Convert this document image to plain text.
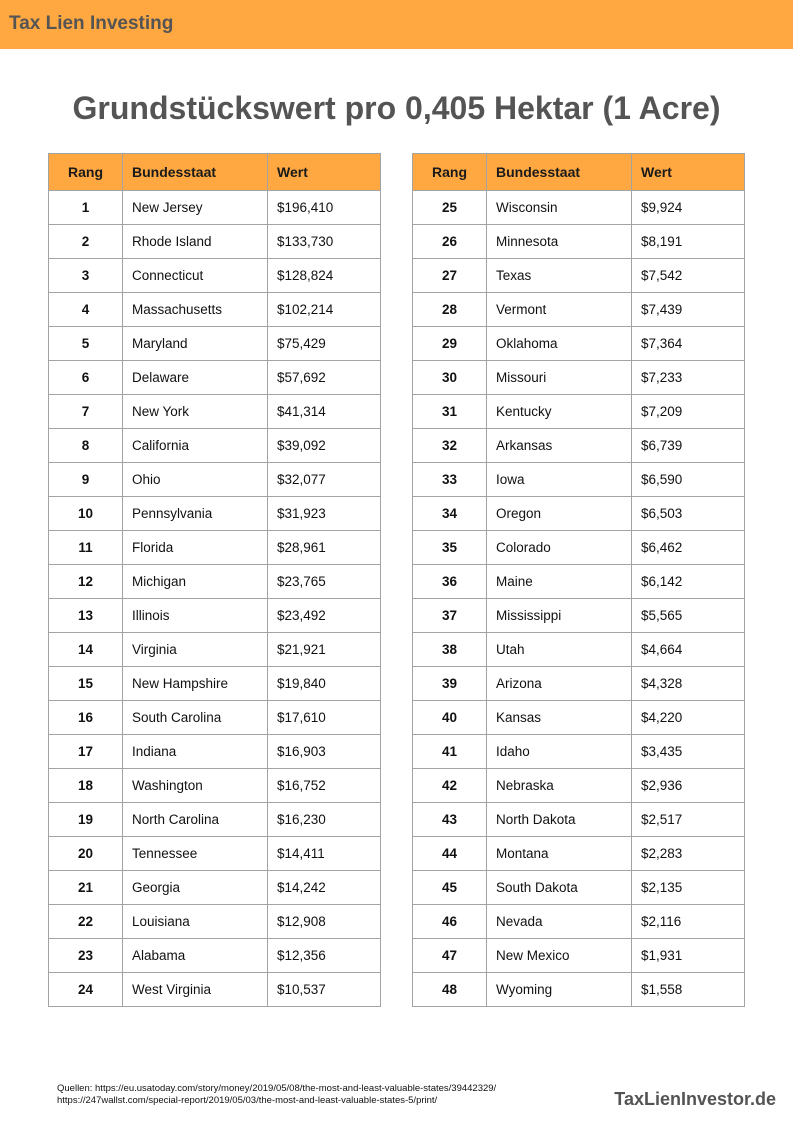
Tax Lien Investing
Grundstückswert pro 0,405 Hektar (1 Acre)
Rang	Bundesstaat	Wert
1	New Jersey	$196,410
2	Rhode Island	$133,730
3	Connecticut	$128,824
4	Massachusetts	$102,214
5	Maryland	$75,429
6	Delaware	$57,692
7	New York	$41,314
8	California	$39,092
9	Ohio	$32,077
10	Pennsylvania	$31,923
11	Florida	$28,961
12	Michigan	$23,765
13	Illinois	$23,492
14	Virginia	$21,921
15	New Hampshire	$19,840
16	South Carolina	$17,610
17	Indiana	$16,903
18	Washington	$16,752
19	North Carolina	$16,230
20	Tennessee	$14,411
21	Georgia	$14,242
22	Louisiana	$12,908
23	Alabama	$12,356
24	West Virginia	$10,537
Rang	Bundesstaat	Wert
25	Wisconsin	$9,924
26	Minnesota	$8,191
27	Texas	$7,542
28	Vermont	$7,439
29	Oklahoma	$7,364
30	Missouri	$7,233
31	Kentucky	$7,209
32	Arkansas	$6,739
33	Iowa	$6,590
34	Oregon	$6,503
35	Colorado	$6,462
36	Maine	$6,142
37	Mississippi	$5,565
38	Utah	$4,664
39	Arizona	$4,328
40	Kansas	$4,220
41	Idaho	$3,435
42	Nebraska	$2,936
43	North Dakota	$2,517
44	Montana	$2,283
45	South Dakota	$2,135
46	Nevada	$2,116
47	New Mexico	$1,931
48	Wyoming	$1,558
Quellen: https://eu.usatoday.com/story/money/2019/05/08/the-most-and-least-valuable-states/39442329/
https://247wallst.com/special-report/2019/05/03/the-most-and-least-valuable-states-5/print/	TaxLienInvestor.de
